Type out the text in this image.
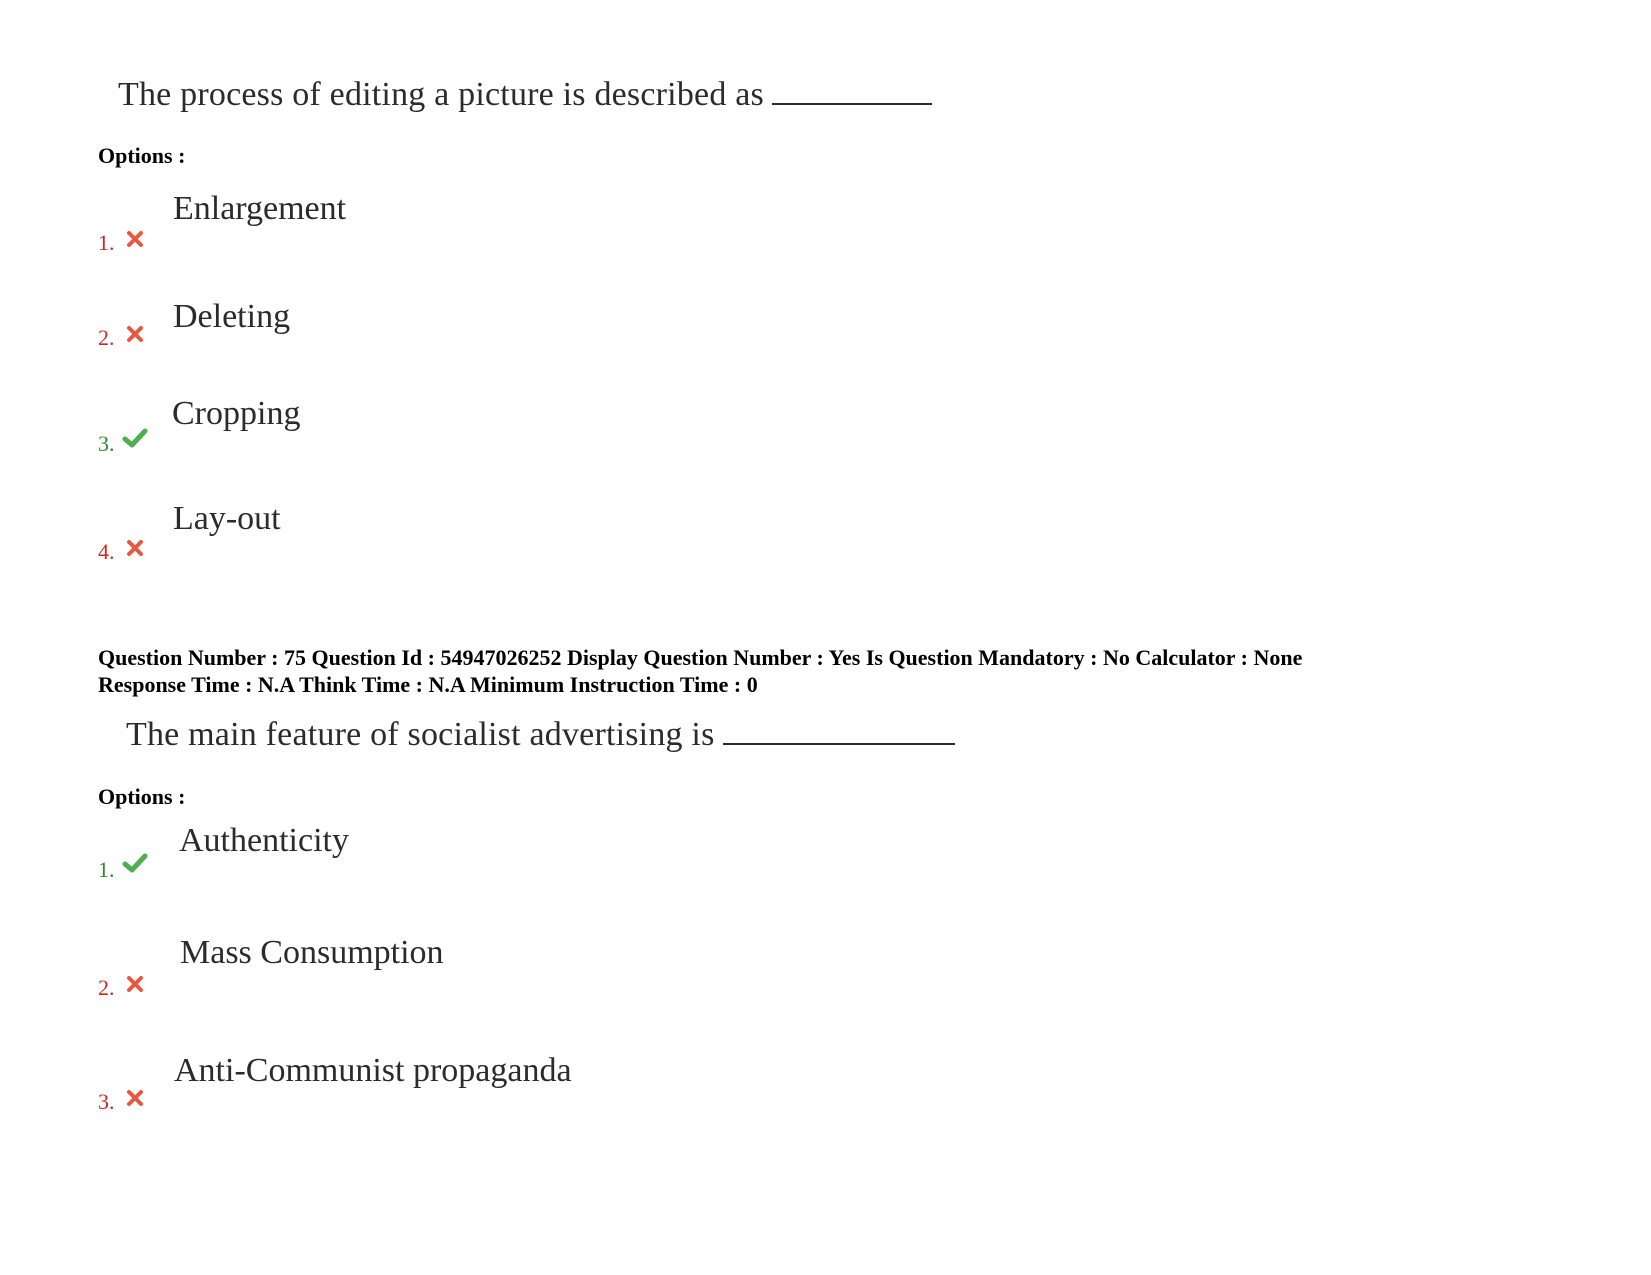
The process of editing a picture is described as
Options :
1.
Enlargement
2.
Deleting
3.
Cropping
4.
Lay-out
Question Number : 75 Question Id : 54947026252 Display Question Number : Yes Is Question Mandatory : No Calculator : None
Response Time : N.A Think Time : N.A Minimum Instruction Time : 0
The main feature of socialist advertising is
Options :
1.
Authenticity
2.
Mass Consumption
3.
Anti-Communist propaganda
